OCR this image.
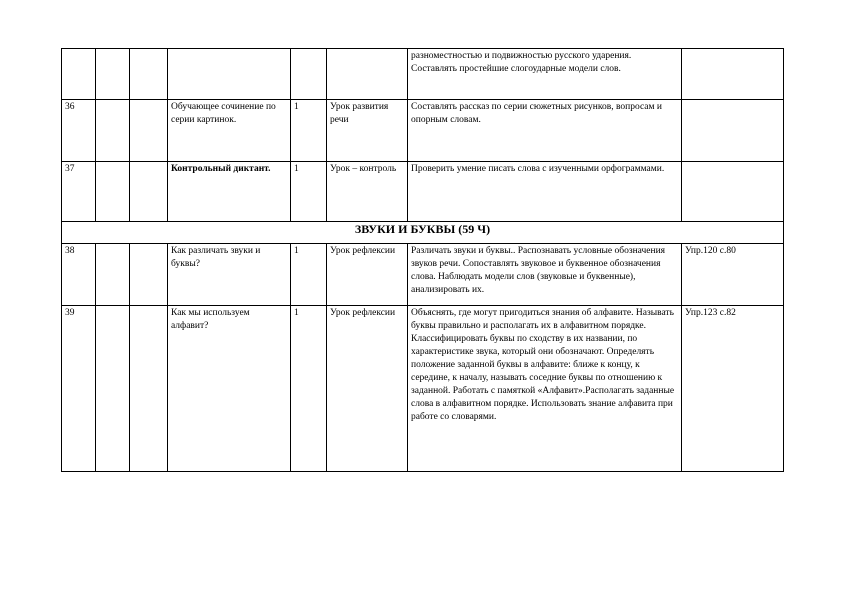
						разноместностью и подвижностью русского ударения. Составлять простейшие слогоударные модели слов.	
36			Обучающее сочинение по серии картинок.	1	Урок развития речи	Составлять рассказ по серии сюжетных рисунков, вопросам и опорным словам.	
37			Контрольный диктант.	1	Урок – контроль	Проверить умение писать слова с изученными орфограммами.	
ЗВУКИ И БУКВЫ (59 Ч)							
38			Как различать звуки и буквы?	1	Урок рефлексии	Различать звуки и буквы.. Распознавать условные обозначения звуков речи. Сопоставлять звуковое и буквенное обозначения слова. Наблюдать модели слов (звуковые и буквенные), анализировать их.	Упр.120 с.80
39			Как мы используем алфавит?	1	Урок рефлексии	Объяснять, где могут пригодиться знания об алфавите. Называть буквы правильно и располагать их в алфавитном порядке. Классифицировать буквы по сходству в их названии, по характеристике звука, который они обозначают. Определять положение заданной буквы в алфавите: ближе к концу, к середине, к началу, называть соседние буквы по отношению к заданной. Работать с памяткой «Алфавит».Располагать заданные слова в алфавитном порядке. Использовать знание алфавита при работе со словарями.	Упр.123 с.82
